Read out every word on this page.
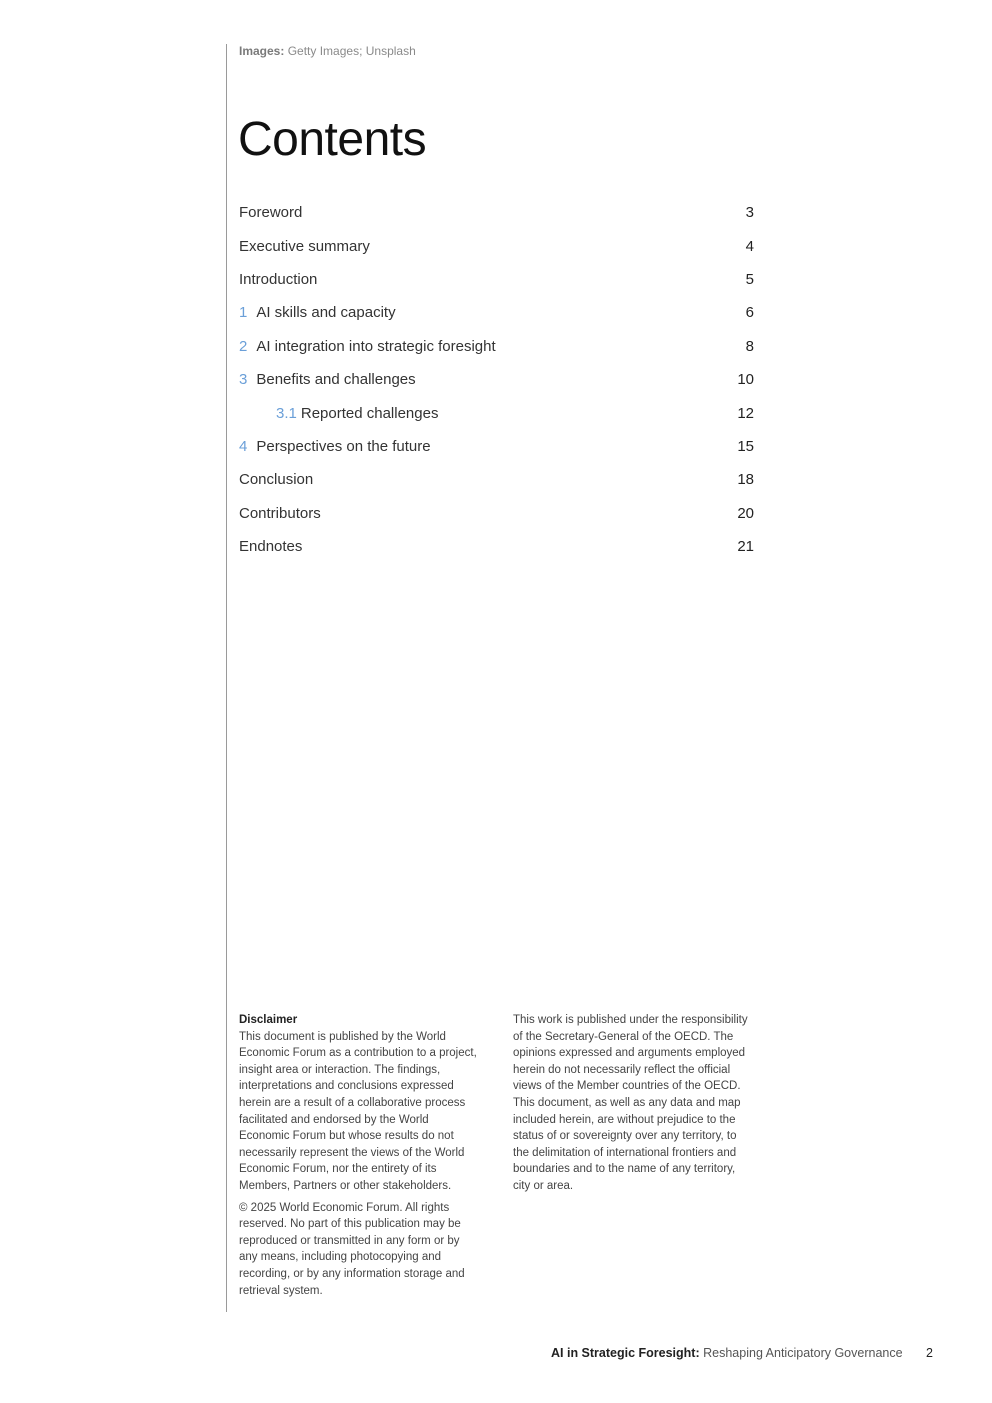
Images: Getty Images; Unsplash
Contents
Foreword	3
Executive summary	4
Introduction	5
1 AI skills and capacity	6
2 AI integration into strategic foresight	8
3 Benefits and challenges	10
3.1 Reported challenges	12
4 Perspectives on the future	15
Conclusion	18
Contributors	20
Endnotes	21
Disclaimer

This document is published by the World Economic Forum as a contribution to a project, insight area or interaction. The findings, interpretations and conclusions expressed herein are a result of a collaborative process facilitated and endorsed by the World Economic Forum but whose results do not necessarily represent the views of the World Economic Forum, nor the entirety of its Members, Partners or other stakeholders.

© 2025 World Economic Forum. All rights reserved. No part of this publication may be reproduced or transmitted in any form or by any means, including photocopying and recording, or by any information storage and retrieval system.

This work is published under the responsibility of the Secretary-General of the OECD. The opinions expressed and arguments employed herein do not necessarily reflect the official views of the Member countries of the OECD. This document, as well as any data and map included herein, are without prejudice to the status of or sovereignty over any territory, to the delimitation of international frontiers and boundaries and to the name of any territory, city or area.

AI in Strategic Foresight: Reshaping Anticipatory Governance 2
